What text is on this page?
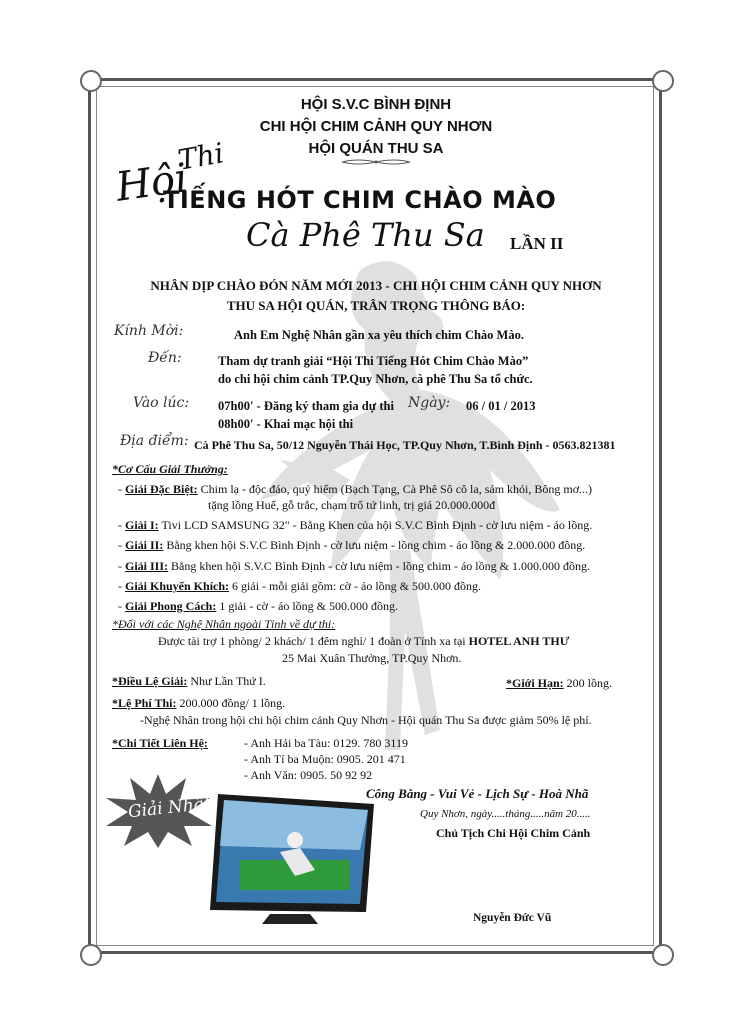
HỘI S.V.C BÌNH ĐỊNH
CHI HỘI CHIM CẢNH QUY NHƠN
HỘI QUÁN THU SA
Hội
Thi
TIẾNG HÓT CHIM CHÀO MÀO
Cà Phê Thu Sa LẦN II
NHÂN DỊP CHÀO ĐÓN NĂM MỚI 2013 - CHI HỘI CHIM CẢNH QUY NHƠN
THU SA HỘI QUÁN, TRÂN TRỌNG THÔNG BÁO:
Kính Mời:	Anh Em Nghệ Nhân gần xa yêu thích chim Chào Mào.
Đến:	Tham dự tranh giải “Hội Thi Tiếng Hót Chim Chào Mào”
do chi hội chim cảnh TP.Quy Nhơn, cà phê Thu Sa tổ chức.
Vào lúc: 07h00' - Đăng ký tham gia dự thi
08h00' - Khai mạc hội thi
Ngày: 06 / 01 / 2013
Địa điểm: Cà Phê Thu Sa, 50/12 Nguyễn Thái Học, TP.Quy Nhơn, T.Bình Định - 0563.821381
*Cơ Cấu Giải Thưởng:
- Giải Đặc Biệt: Chim lạ - độc đáo, quý hiếm (Bạch Tạng, Cà Phê Sô cô la, sám khói, Bông mơ...)
tặng lồng Huế, gỗ trắc, chạm trổ tứ linh, trị giá 20.000.000đ
- Giải I: Tivi LCD SAMSUNG 32" - Bằng Khen của hội S.V.C Bình Định - cờ lưu niệm - áo lồng.
- Giải II: Bằng khen hội S.V.C Bình Định - cờ lưu niệm - lồng chim - áo lồng & 2.000.000 đồng.
- Giải III: Bằng khen hội S.V.C Bình Định - cờ lưu niệm - lồng chim - áo lồng & 1.000.000 đồng.
- Giải Khuyến Khích: 6 giải - mỗi giải gồm: cờ - áo lồng & 500.000 đồng.
- Giải Phong Cách: 1 giải - cờ - áo lồng & 500.000 đồng.
*Đối với các Nghệ Nhân ngoài Tỉnh về dự thi:
Được tài trợ 1 phòng/ 2 khách/ 1 đêm nghỉ/ 1 đoàn ở Tỉnh xa tại HOTEL ANH THƯ
25 Mai Xuân Thưởng, TP.Quy Nhơn.
*Điều Lệ Giải: Như Lần Thứ I.	*Giới Hạn: 200 lồng.
*Lệ Phí Thi: 200.000 đồng/ 1 lồng.
-Nghệ Nhân trong hội chi hội chim cảnh Quy Nhơn - Hội quán Thu Sa được giảm 50% lệ phí.
*Chi Tiết Liên Hệ:	- Anh Hải ba Tàu: 0129. 780 3119
- Anh Tí ba Muộn: 0905. 201 471
- Anh Văn: 0905. 50 92 92
Công Bằng - Vui Vẻ - Lịch Sự - Hoà Nhã
Quy Nhơn, ngày.....tháng.....năm 20.....
Chủ Tịch Chi Hội Chim Cảnh
Nguyễn Đức Vũ
Giải Nhất
